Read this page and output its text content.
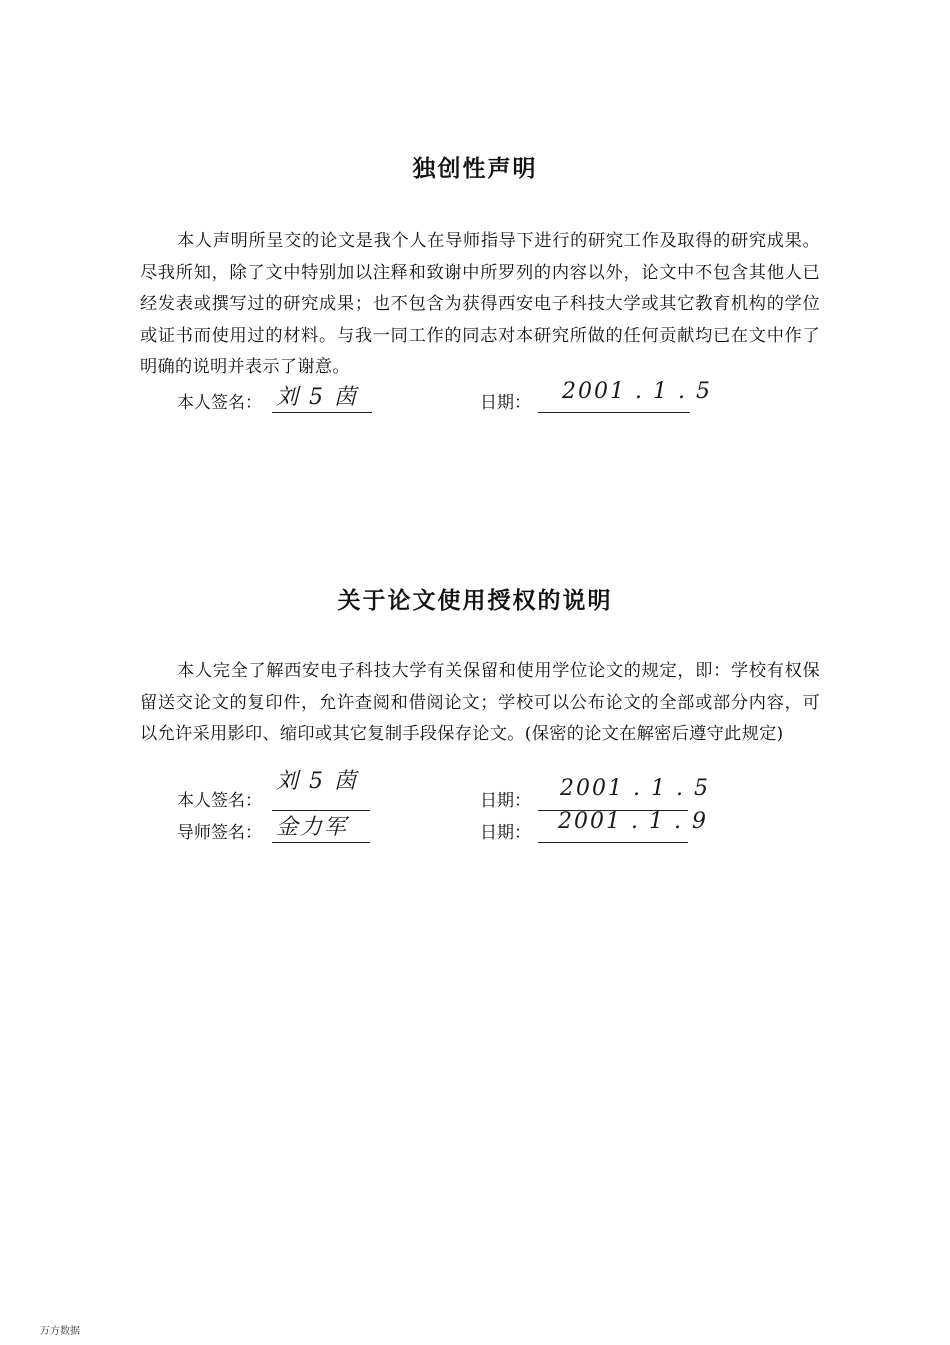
独创性声明

本人声明所呈交的论文是我个人在导师指导下进行的研究工作及取得的研究成果。尽我所知，除了文中特别加以注释和致谢中所罗列的内容以外，论文中不包含其他人已经发表或撰写过的研究成果；也不包含为获得西安电子科技大学或其它教育机构的学位或证书而使用过的材料。与我一同工作的同志对本研究所做的任何贡献均已在文中作了明确的说明并表示了谢意。

本人签名： 刘 5 茵	日期： 2001 . 1 . 5
关于论文使用授权的说明

本人完全了解西安电子科技大学有关保留和使用学位论文的规定，即：学校有权保留送交论文的复印件，允许查阅和借阅论文；学校可以公布论文的全部或部分内容，可以允许采用影印、缩印或其它复制手段保存论文。(保密的论文在解密后遵守此规定)

本人签名：
刘 5 茵
日期： 2001 . 1 . 5
导师签名： 金力军	日期： 2001 . 1 . 9
万方数据
